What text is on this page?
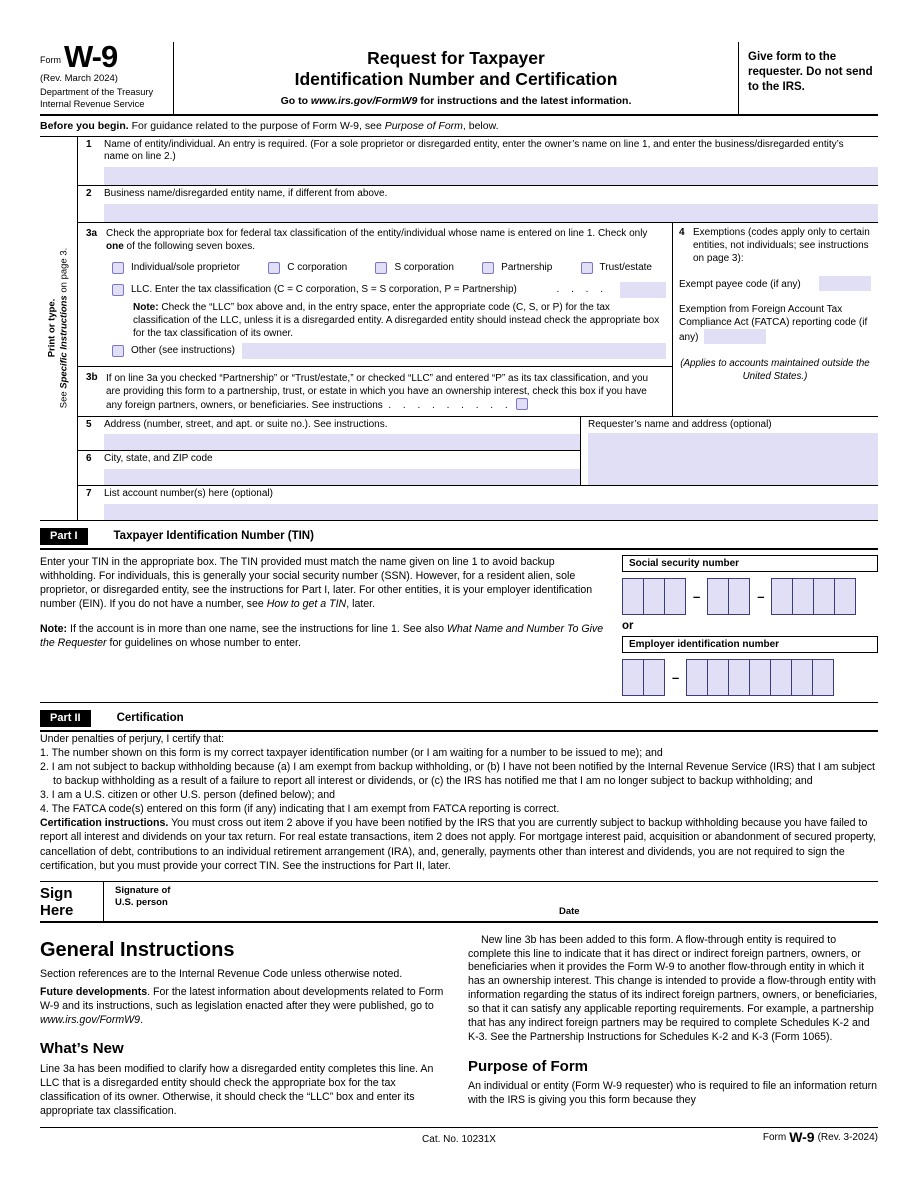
Form W-9
(Rev. March 2024)
Department of the Treasury
Internal Revenue Service
Request for Taxpayer
Identification Number and Certification
Go to www.irs.gov/FormW9 for instructions and the latest information.
Give form to the requester. Do not send to the IRS.
Before you begin. For guidance related to the purpose of Form W-9, see Purpose of Form, below.
Print or type.
See Specific Instructions on page 3.
1	Name of entity/individual. An entry is required. (For a sole proprietor or disregarded entity, enter the owner’s name on line 1, and enter the business/disregarded entity’s name on line 2.)
2	Business name/disregarded entity name, if different from above.
3a Check the appropriate box for federal tax classification of the entity/individual whose name is entered on line 1. Check only one of the following seven boxes.
Individual/sole proprietor	C corporation	S corporation	Partnership	Trust/estate
LLC. Enter the tax classification (C = C corporation, S = S corporation, P = Partnership)	. . . .
Note: Check the “LLC” box above and, in the entry space, enter the appropriate code (C, S, or P) for the tax classification of the LLC, unless it is a disregarded entity. A disregarded entity should instead check the appropriate box for the tax classification of its owner.
Other (see instructions)
3b If on line 3a you checked “Partnership” or “Trust/estate,” or checked “LLC” and entered “P” as its tax classification, and you are providing this form to a partnership, trust, or estate in which you have an ownership interest, check this box if you have any foreign partners, owners, or beneficiaries. See instructions . . . . . . . . .
4 Exemptions (codes apply only to certain entities, not individuals; see instructions on page 3):
Exempt payee code (if any)
Exemption from Foreign Account Tax Compliance Act (FATCA) reporting code (if any)
(Applies to accounts maintained outside the United States.)
5	Address (number, street, and apt. or suite no.). See instructions.
6	City, state, and ZIP code
Requester’s name and address (optional)
7	List account number(s) here (optional)
Part I	Taxpayer Identification Number (TIN)

Enter your TIN in the appropriate box. The TIN provided must match the name given on line 1 to avoid backup withholding. For individuals, this is generally your social security number (SSN). However, for a resident alien, sole proprietor, or disregarded entity, see the instructions for Part I, later. For other entities, it is your employer identification number (EIN). If you do not have a number, see How to get a TIN, later.

Note: If the account is in more than one name, see the instructions for line 1. See also What Name and Number To Give the Requester for guidelines on whose number to enter.

Social security number
–	–
or
Employer identification number
–
Part II	Certification

Under penalties of perjury, I certify that:

1. The number shown on this form is my correct taxpayer identification number (or I am waiting for a number to be issued to me); and

2. I am not subject to backup withholding because (a) I am exempt from backup withholding, or (b) I have not been notified by the Internal Revenue Service (IRS) that I am subject to backup withholding as a result of a failure to report all interest or dividends, or (c) the IRS has notified me that I am no longer subject to backup withholding; and

3. I am a U.S. citizen or other U.S. person (defined below); and

4. The FATCA code(s) entered on this form (if any) indicating that I am exempt from FATCA reporting is correct.

Certification instructions. You must cross out item 2 above if you have been notified by the IRS that you are currently subject to backup withholding because you have failed to report all interest and dividends on your tax return. For real estate transactions, item 2 does not apply. For mortgage interest paid, acquisition or abandonment of secured property, cancellation of debt, contributions to an individual retirement arrangement (IRA), and, generally, payments other than interest and dividends, you are not required to sign the certification, but you must provide your correct TIN. See the instructions for Part II, later.

Sign
Here
Signature of
U.S. person
Date
General Instructions

Section references are to the Internal Revenue Code unless otherwise noted.

Future developments. For the latest information about developments related to Form W-9 and its instructions, such as legislation enacted after they were published, go to www.irs.gov/FormW9.

What’s New

Line 3a has been modified to clarify how a disregarded entity completes this line. An LLC that is a disregarded entity should check the appropriate box for the tax classification of its owner. Otherwise, it should check the “LLC” box and enter its appropriate tax classification.

New line 3b has been added to this form. A flow-through entity is required to complete this line to indicate that it has direct or indirect foreign partners, owners, or beneficiaries when it provides the Form W-9 to another flow-through entity in which it has an ownership interest. This change is intended to provide a flow-through entity with information regarding the status of its indirect foreign partners, owners, or beneficiaries, so that it can satisfy any applicable reporting requirements. For example, a partnership that has any indirect foreign partners may be required to complete Schedules K-2 and K-3. See the Partnership Instructions for Schedules K-2 and K-3 (Form 1065).

Purpose of Form

An individual or entity (Form W-9 requester) who is required to file an information return with the IRS is giving you this form because they

Cat. No. 10231X	Form W-9 (Rev. 3-2024)
